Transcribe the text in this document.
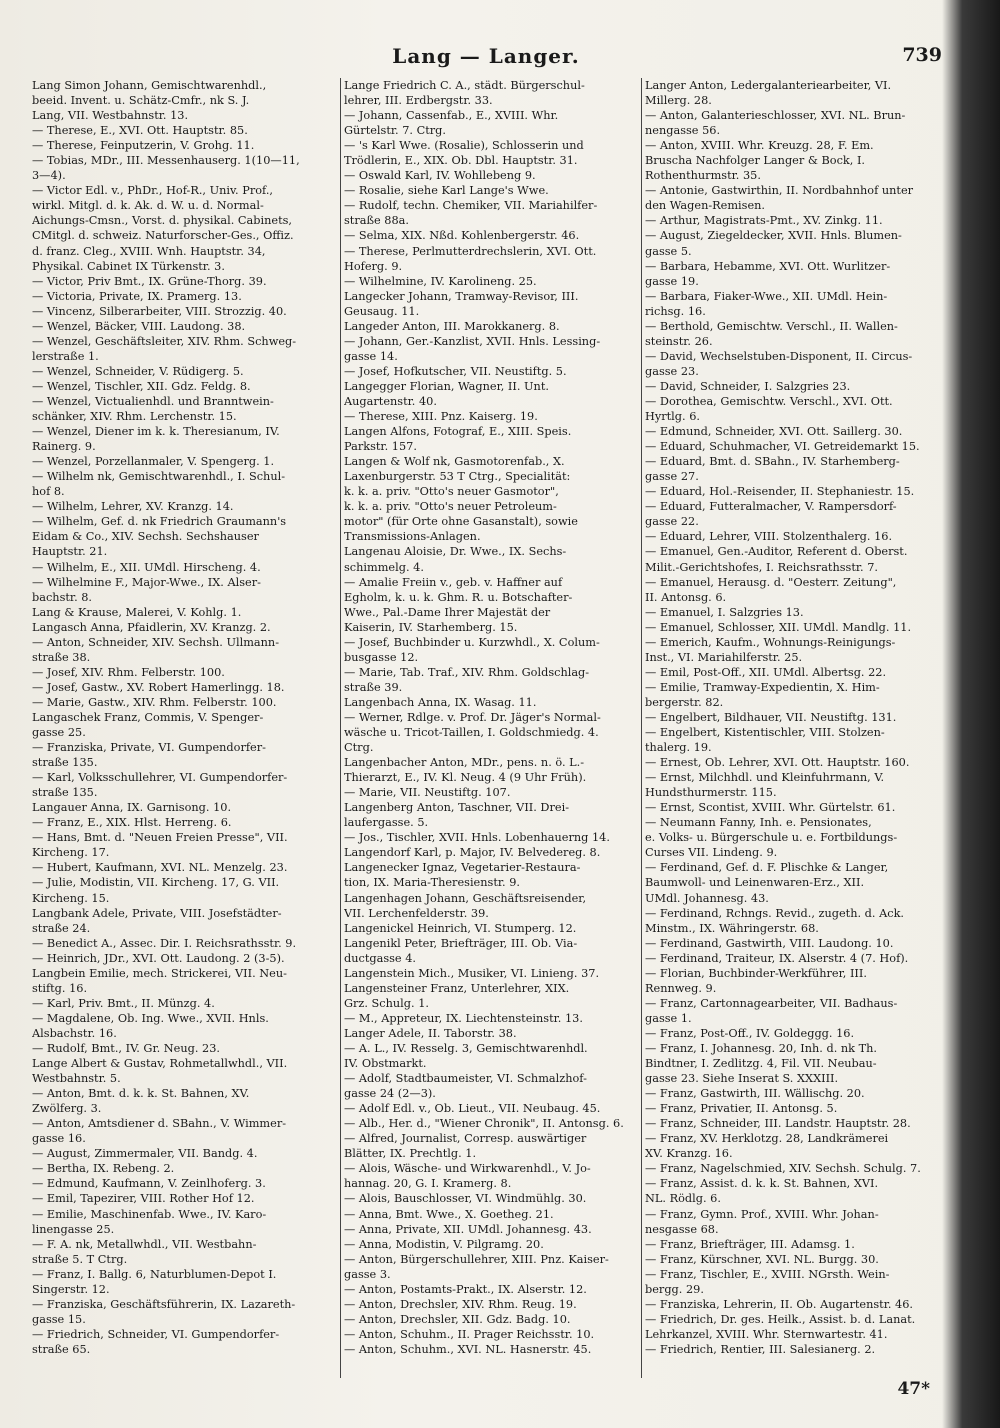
Lang — Langer.	739
Lang Simon Johann, Gemischtwarenhdl.,
beeid. Invent. u. Schätz-Cmfr., nk S. J.
Lang, VII. Westbahnstr. 13.
— Therese, E., XVI. Ott. Hauptstr. 85.
— Therese, Feinputzerin, V. Grohg. 11.
— Tobias, MDr., III. Messenhauserg. 1(10—11,
3—4).
— Victor Edl. v., PhDr., Hof-R., Univ. Prof.,
wirkl. Mitgl. d. k. Ak. d. W. u. d. Normal-
Aichungs-Cmsn., Vorst. d. physikal. Cabinets,
CMitgl. d. schweiz. Naturforscher-Ges., Offiz.
d. franz. Cleg., XVIII. Wnh. Hauptstr. 34,
Physikal. Cabinet IX Türkenstr. 3.
— Victor, Priv Bmt., IX. Grüne-Thorg. 39.
— Victoria, Private, IX. Pramerg. 13.
— Vincenz, Silberarbeiter, VIII. Strozzig. 40.
— Wenzel, Bäcker, VIII. Laudong. 38.
— Wenzel, Geschäftsleiter, XIV. Rhm. Schweg-
lerstraße 1.
— Wenzel, Schneider, V. Rüdigerg. 5.
— Wenzel, Tischler, XII. Gdz. Feldg. 8.
— Wenzel, Victualienhdl. und Branntwein-
schänker, XIV. Rhm. Lerchenstr. 15.
— Wenzel, Diener im k. k. Theresianum, IV.
Rainerg. 9.
— Wenzel, Porzellanmaler, V. Spengerg. 1.
— Wilhelm nk, Gemischtwarenhdl., I. Schul-
hof 8.
— Wilhelm, Lehrer, XV. Kranzg. 14.
— Wilhelm, Gef. d. nk Friedrich Graumann's
Eidam & Co., XIV. Sechsh. Sechshauser
Hauptstr. 21.
— Wilhelm, E., XII. UMdl. Hirscheng. 4.
— Wilhelmine F., Major-Wwe., IX. Alser-
bachstr. 8.
Lang & Krause, Malerei, V. Kohlg. 1.
Langasch Anna, Pfaidlerin, XV. Kranzg. 2.
— Anton, Schneider, XIV. Sechsh. Ullmann-
straße 38.
— Josef, XIV. Rhm. Felberstr. 100.
— Josef, Gastw., XV. Robert Hamerlingg. 18.
— Marie, Gastw., XIV. Rhm. Felberstr. 100.
Langaschek Franz, Commis, V. Spenger-
gasse 25.
— Franziska, Private, VI. Gumpendorfer-
straße 135.
— Karl, Volksschullehrer, VI. Gumpendorfer-
straße 135.
Langauer Anna, IX. Garnisong. 10.
— Franz, E., XIX. Hlst. Herreng. 6.
— Hans, Bmt. d. "Neuen Freien Presse", VII.
Kircheng. 17.
— Hubert, Kaufmann, XVI. NL. Menzelg. 23.
— Julie, Modistin, VII. Kircheng. 17, G. VII.
Kircheng. 15.
Langbank Adele, Private, VIII. Josefstädter-
straße 24.
— Benedict A., Assec. Dir. I. Reichsrathsstr. 9.
— Heinrich, JDr., XVI. Ott. Laudong. 2 (3-5).
Langbein Emilie, mech. Strickerei, VII. Neu-
stiftg. 16.
— Karl, Priv. Bmt., II. Münzg. 4.
— Magdalene, Ob. Ing. Wwe., XVII. Hnls.
Alsbachstr. 16.
— Rudolf, Bmt., IV. Gr. Neug. 23.
Lange Albert & Gustav, Rohmetallwhdl., VII.
Westbahnstr. 5.
— Anton, Bmt. d. k. k. St. Bahnen, XV.
Zwölferg. 3.
— Anton, Amtsdiener d. SBahn., V. Wimmer-
gasse 16.
— August, Zimmermaler, VII. Bandg. 4.
— Bertha, IX. Rebeng. 2.
— Edmund, Kaufmann, V. Zeinlhoferg. 3.
— Emil, Tapezirer, VIII. Rother Hof 12.
— Emilie, Maschinenfab. Wwe., IV. Karo-
linengasse 25.
— F. A. nk, Metallwhdl., VII. Westbahn-
straße 5. T Ctrg.
— Franz, I. Ballg. 6, Naturblumen-Depot I.
Singerstr. 12.
— Franziska, Geschäftsführerin, IX. Lazareth-
gasse 15.
— Friedrich, Schneider, VI. Gumpendorfer-
straße 65.
Lange Friedrich C. A., städt. Bürgerschul-
lehrer, III. Erdbergstr. 33.
— Johann, Cassenfab., E., XVIII. Whr.
Gürtelstr. 7. Ctrg.
— 's Karl Wwe. (Rosalie), Schlosserin und
Trödlerin, E., XIX. Ob. Dbl. Hauptstr. 31.
— Oswald Karl, IV. Wohllebeng 9.
— Rosalie, siehe Karl Lange's Wwe.
— Rudolf, techn. Chemiker, VII. Mariahilfer-
straße 88a.
— Selma, XIX. Nßd. Kohlenbergerstr. 46.
— Therese, Perlmutterdrechslerin, XVI. Ott.
Hoferg. 9.
— Wilhelmine, IV. Karolineng. 25.
Langecker Johann, Tramway-Revisor, III.
Geusaug. 11.
Langeder Anton, III. Marokkanerg. 8.
— Johann, Ger.-Kanzlist, XVII. Hnls. Lessing-
gasse 14.
— Josef, Hofkutscher, VII. Neustiftg. 5.
Langegger Florian, Wagner, II. Unt.
Augartenstr. 40.
— Therese, XIII. Pnz. Kaiserg. 19.
Langen Alfons, Fotograf, E., XIII. Speis.
Parkstr. 157.
Langen & Wolf nk, Gasmotorenfab., X.
Laxenburgerstr. 53 T Ctrg., Specialität:
k. k. a. priv. "Otto's neuer Gasmotor",
k. k. a. priv. "Otto's neuer Petroleum-
motor" (für Orte ohne Gasanstalt), sowie
Transmissions-Anlagen.
Langenau Aloisie, Dr. Wwe., IX. Sechs-
schimmelg. 4.
— Amalie Freiin v., geb. v. Haffner auf
Egholm, k. u. k. Ghm. R. u. Botschafter-
Wwe., Pal.-Dame Ihrer Majestät der
Kaiserin, IV. Starhemberg. 15.
— Josef, Buchbinder u. Kurzwhdl., X. Colum-
busgasse 12.
— Marie, Tab. Traf., XIV. Rhm. Goldschlag-
straße 39.
Langenbach Anna, IX. Wasag. 11.
— Werner, Rdlge. v. Prof. Dr. Jäger's Normal-
wäsche u. Tricot-Taillen, I. Goldschmiedg. 4.
Ctrg.
Langenbacher Anton, MDr., pens. n. ö. L.-
Thierarzt, E., IV. Kl. Neug. 4 (9 Uhr Früh).
— Marie, VII. Neustiftg. 107.
Langenberg Anton, Taschner, VII. Drei-
laufergasse. 5.
— Jos., Tischler, XVII. Hnls. Lobenhauerng 14.
Langendorf Karl, p. Major, IV. Belvedereg. 8.
Langenecker Ignaz, Vegetarier-Restaura-
tion, IX. Maria-Theresienstr. 9.
Langenhagen Johann, Geschäftsreisender,
VII. Lerchenfelderstr. 39.
Langenickel Heinrich, VI. Stumperg. 12.
Langenikl Peter, Briefträger, III. Ob. Via-
ductgasse 4.
Langenstein Mich., Musiker, VI. Linieng. 37.
Langensteiner Franz, Unterlehrer, XIX.
Grz. Schulg. 1.
— M., Appreteur, IX. Liechtensteinstr. 13.
Langer Adele, II. Taborstr. 38.
— A. L., IV. Resselg. 3, Gemischtwarenhdl.
IV. Obstmarkt.
— Adolf, Stadtbaumeister, VI. Schmalzhof-
gasse 24 (2—3).
— Adolf Edl. v., Ob. Lieut., VII. Neubaug. 45.
— Alb., Her. d., "Wiener Chronik", II. Antonsg. 6.
— Alfred, Journalist, Corresp. auswärtiger
Blätter, IX. Prechtlg. 1.
— Alois, Wäsche- und Wirkwarenhdl., V. Jo-
hannag. 20, G. I. Kramerg. 8.
— Alois, Bauschlosser, VI. Windmühlg. 30.
— Anna, Bmt. Wwe., X. Goetheg. 21.
— Anna, Private, XII. UMdl. Johannesg. 43.
— Anna, Modistin, V. Pilgramg. 20.
— Anton, Bürgerschullehrer, XIII. Pnz. Kaiser-
gasse 3.
— Anton, Postamts-Prakt., IX. Alserstr. 12.
— Anton, Drechsler, XIV. Rhm. Reug. 19.
— Anton, Drechsler, XII. Gdz. Badg. 10.
— Anton, Schuhm., II. Prager Reichsstr. 10.
— Anton, Schuhm., XVI. NL. Hasnerstr. 45.
Langer Anton, Ledergalanteriearbeiter, VI.
Millerg. 28.
— Anton, Galanterieschlosser, XVI. NL. Brun-
nengasse 56.
— Anton, XVIII. Whr. Kreuzg. 28, F. Em.
Bruscha Nachfolger Langer & Bock, I.
Rothenthurmstr. 35.
— Antonie, Gastwirthin, II. Nordbahnhof unter
den Wagen-Remisen.
— Arthur, Magistrats-Pmt., XV. Zinkg. 11.
— August, Ziegeldecker, XVII. Hnls. Blumen-
gasse 5.
— Barbara, Hebamme, XVI. Ott. Wurlitzer-
gasse 19.
— Barbara, Fiaker-Wwe., XII. UMdl. Hein-
richsg. 16.
— Berthold, Gemischtw. Verschl., II. Wallen-
steinstr. 26.
— David, Wechselstuben-Disponent, II. Circus-
gasse 23.
— David, Schneider, I. Salzgries 23.
— Dorothea, Gemischtw. Verschl., XVI. Ott.
Hyrtlg. 6.
— Edmund, Schneider, XVI. Ott. Saillerg. 30.
— Eduard, Schuhmacher, VI. Getreidemarkt 15.
— Eduard, Bmt. d. SBahn., IV. Starhemberg-
gasse 27.
— Eduard, Hol.-Reisender, II. Stephaniestr. 15.
— Eduard, Futteralmacher, V. Rampersdorf-
gasse 22.
— Eduard, Lehrer, VIII. Stolzenthalerg. 16.
— Emanuel, Gen.-Auditor, Referent d. Oberst.
Milit.-Gerichtshofes, I. Reichsrathsstr. 7.
— Emanuel, Herausg. d. "Oesterr. Zeitung",
II. Antonsg. 6.
— Emanuel, I. Salzgries 13.
— Emanuel, Schlosser, XII. UMdl. Mandlg. 11.
— Emerich, Kaufm., Wohnungs-Reinigungs-
Inst., VI. Mariahilferstr. 25.
— Emil, Post-Off., XII. UMdl. Albertsg. 22.
— Emilie, Tramway-Expedientin, X. Him-
bergerstr. 82.
— Engelbert, Bildhauer, VII. Neustiftg. 131.
— Engelbert, Kistentischler, VIII. Stolzen-
thalerg. 19.
— Ernest, Ob. Lehrer, XVI. Ott. Hauptstr. 160.
— Ernst, Milchhdl. und Kleinfuhrmann, V.
Hundsthurmerstr. 115.
— Ernst, Scontist, XVIII. Whr. Gürtelstr. 61.
— Neumann Fanny, Inh. e. Pensionates,
e. Volks- u. Bürgerschule u. e. Fortbildungs-
Curses VII. Lindeng. 9.
— Ferdinand, Gef. d. F. Plischke & Langer,
Baumwoll- und Leinenwaren-Erz., XII.
UMdl. Johannesg. 43.
— Ferdinand, Rchngs. Revid., zugeth. d. Ack.
Minstm., IX. Währingerstr. 68.
— Ferdinand, Gastwirth, VIII. Laudong. 10.
— Ferdinand, Traiteur, IX. Alserstr. 4 (7. Hof).
— Florian, Buchbinder-Werkführer, III.
Rennweg. 9.
— Franz, Cartonnagearbeiter, VII. Badhaus-
gasse 1.
— Franz, Post-Off., IV. Goldeggg. 16.
— Franz, I. Johannesg. 20, Inh. d. nk Th.
Bindtner, I. Zedlitzg. 4, Fil. VII. Neubau-
gasse 23. Siehe Inserat S. XXXIII.
— Franz, Gastwirth, III. Wällischg. 20.
— Franz, Privatier, II. Antonsg. 5.
— Franz, Schneider, III. Landstr. Hauptstr. 28.
— Franz, XV. Herklotzg. 28, Landkrämerei
XV. Kranzg. 16.
— Franz, Nagelschmied, XIV. Sechsh. Schulg. 7.
— Franz, Assist. d. k. k. St. Bahnen, XVI.
NL. Rödlg. 6.
— Franz, Gymn. Prof., XVIII. Whr. Johan-
nesgasse 68.
— Franz, Briefträger, III. Adamsg. 1.
— Franz, Kürschner, XVI. NL. Burgg. 30.
— Franz, Tischler, E., XVIII. NGrsth. Wein-
bergg. 29.
— Franziska, Lehrerin, II. Ob. Augartenstr. 46.
— Friedrich, Dr. ges. Heilk., Assist. b. d. Lanat.
Lehrkanzel, XVIII. Whr. Sternwartestr. 41.
— Friedrich, Rentier, III. Salesianerg. 2.
47*
